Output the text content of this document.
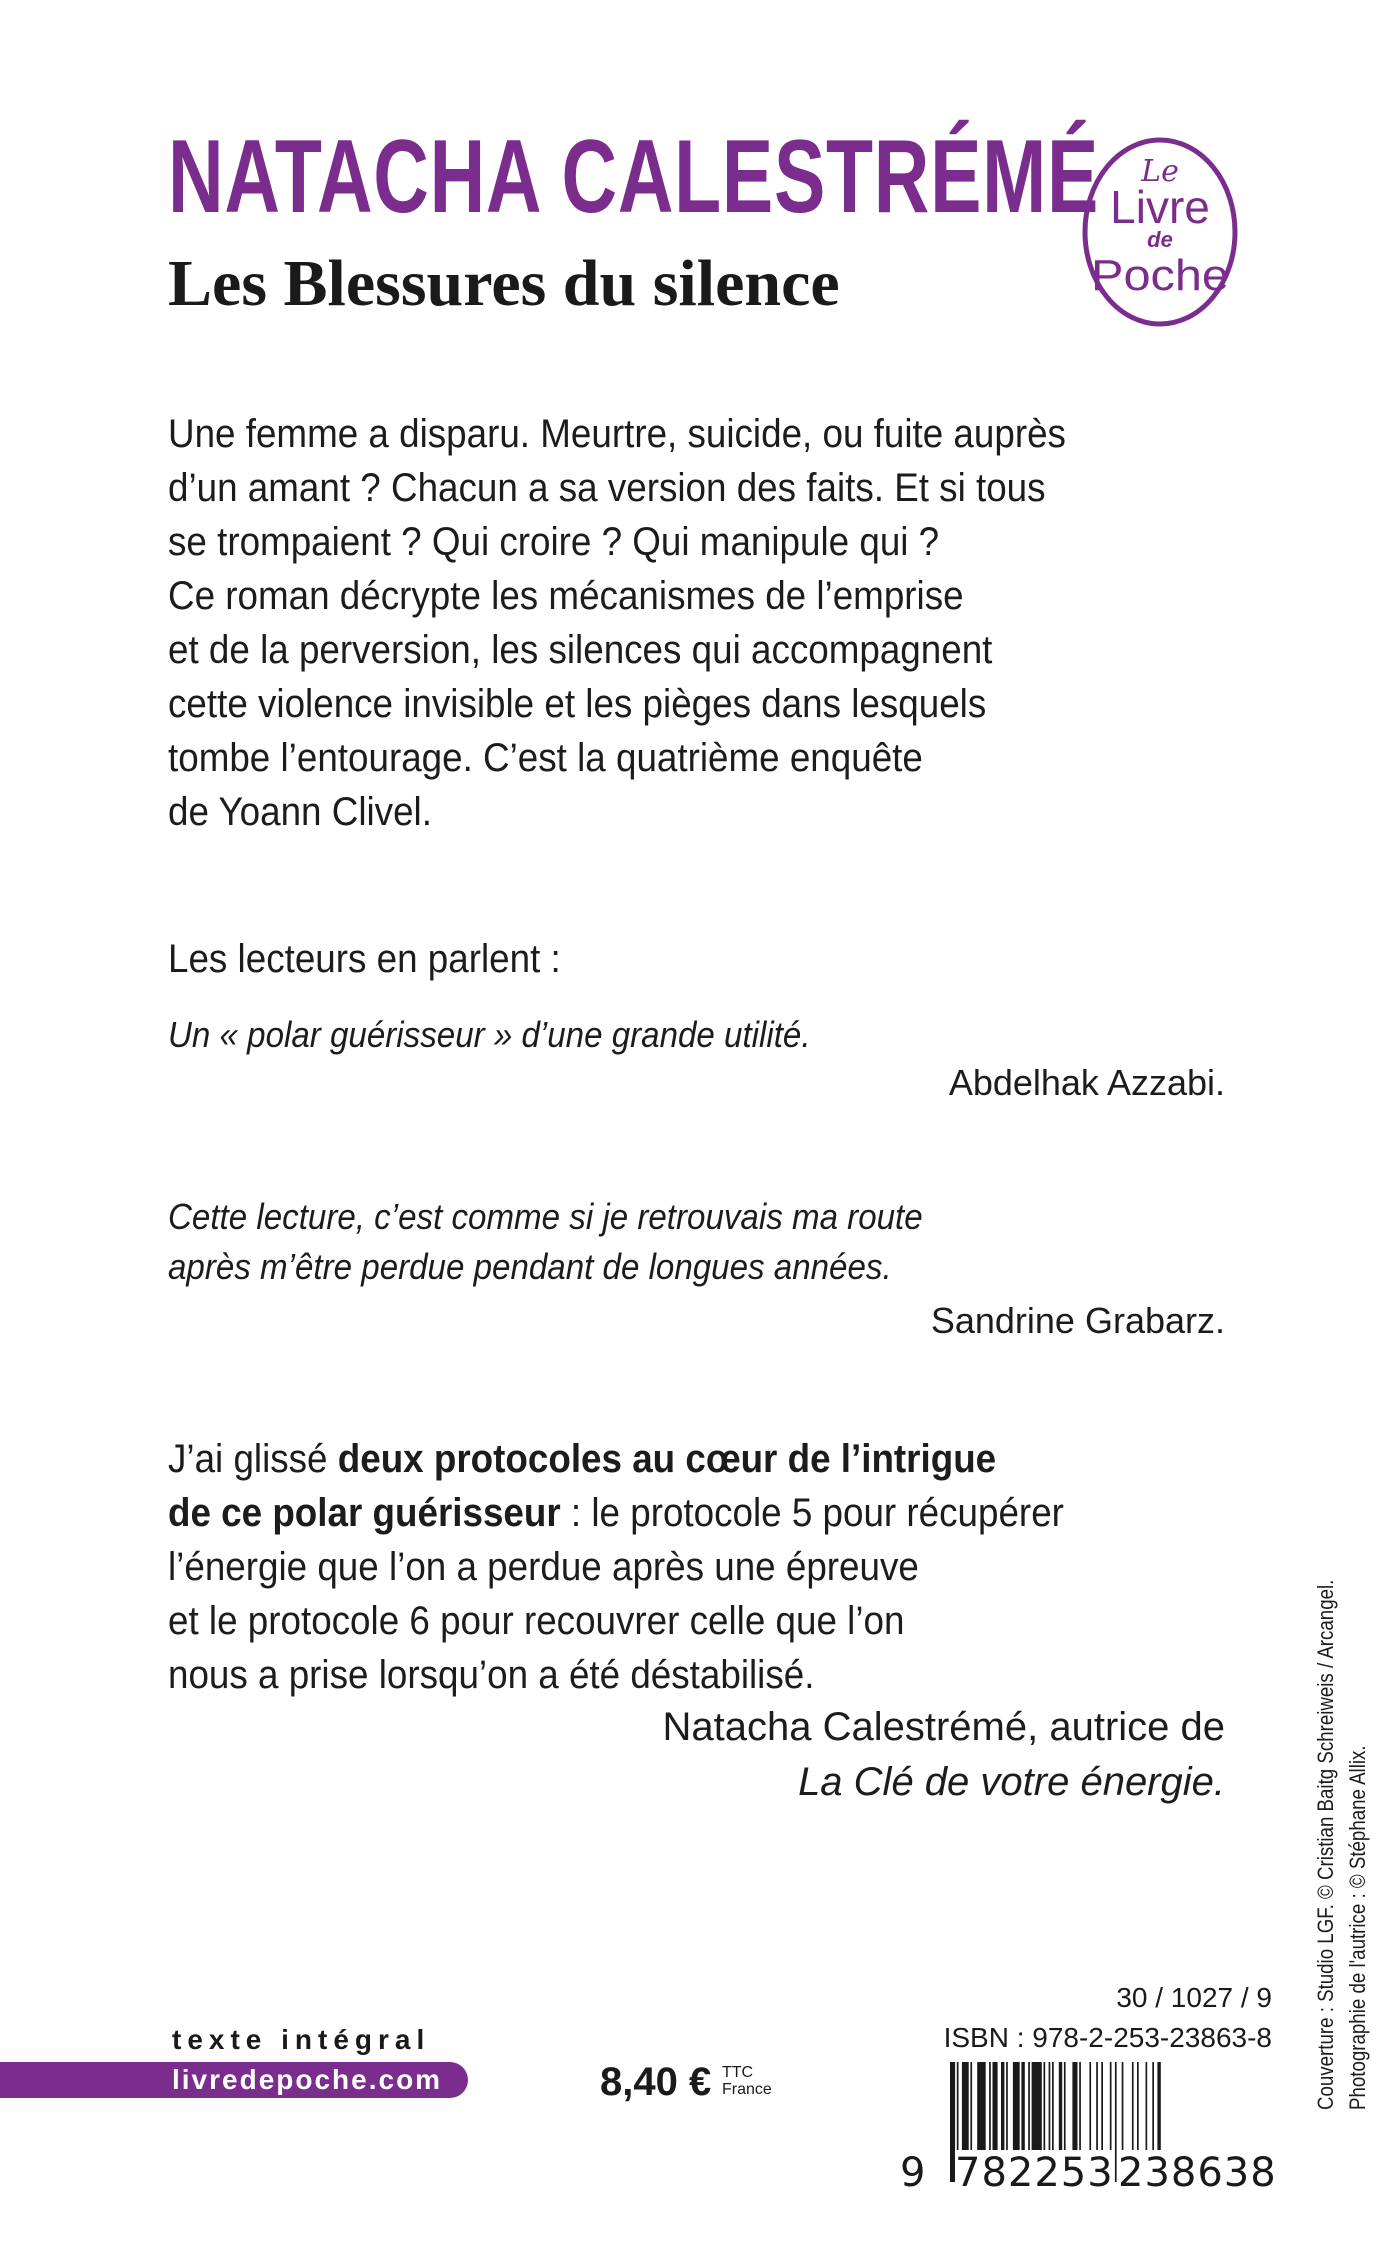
NATACHA CALESTRÉMÉ
Les Blessures du silence
Le
Livre
de
Poche

Une femme a disparu. Meurtre, suicide, ou fuite auprès

d’un amant ? Chacun a sa version des faits. Et si tous

se trompaient ? Qui croire ? Qui manipule qui ?

Ce roman décrypte les mécanismes de l’emprise

et de la perversion, les silences qui accompagnent

cette violence invisible et les pièges dans lesquels

tombe l’entourage. C’est la quatrième enquête

de Yoann Clivel.

Les lecteurs en parlent :

Un « polar guérisseur » d’une grande utilité.

Abdelhak Azzabi.

Cette lecture, c’est comme si je retrouvais ma route

après m’être perdue pendant de longues années.

Sandrine Grabarz.

J’ai glissé deux protocoles au cœur de l’intrigue

de ce polar guérisseur : le protocole 5 pour récupérer

l’énergie que l’on a perdue après une épreuve

et le protocole 6 pour recouvrer celle que l’on

nous a prise lorsqu’on a été déstabilisé.

Natacha Calestrémé, autrice de
La Clé de votre énergie.	Couverture : Studio LGF. © Cristian Baitg Schreiweis / Arcangel. Photographie de l'autrice : © Stéphane Allix.

texte intégral
livredepoche.com	8,40 € TTC
France
30 / 1027 / 9
ISBN : 978-2-253-23863-8
9 782253 238638
